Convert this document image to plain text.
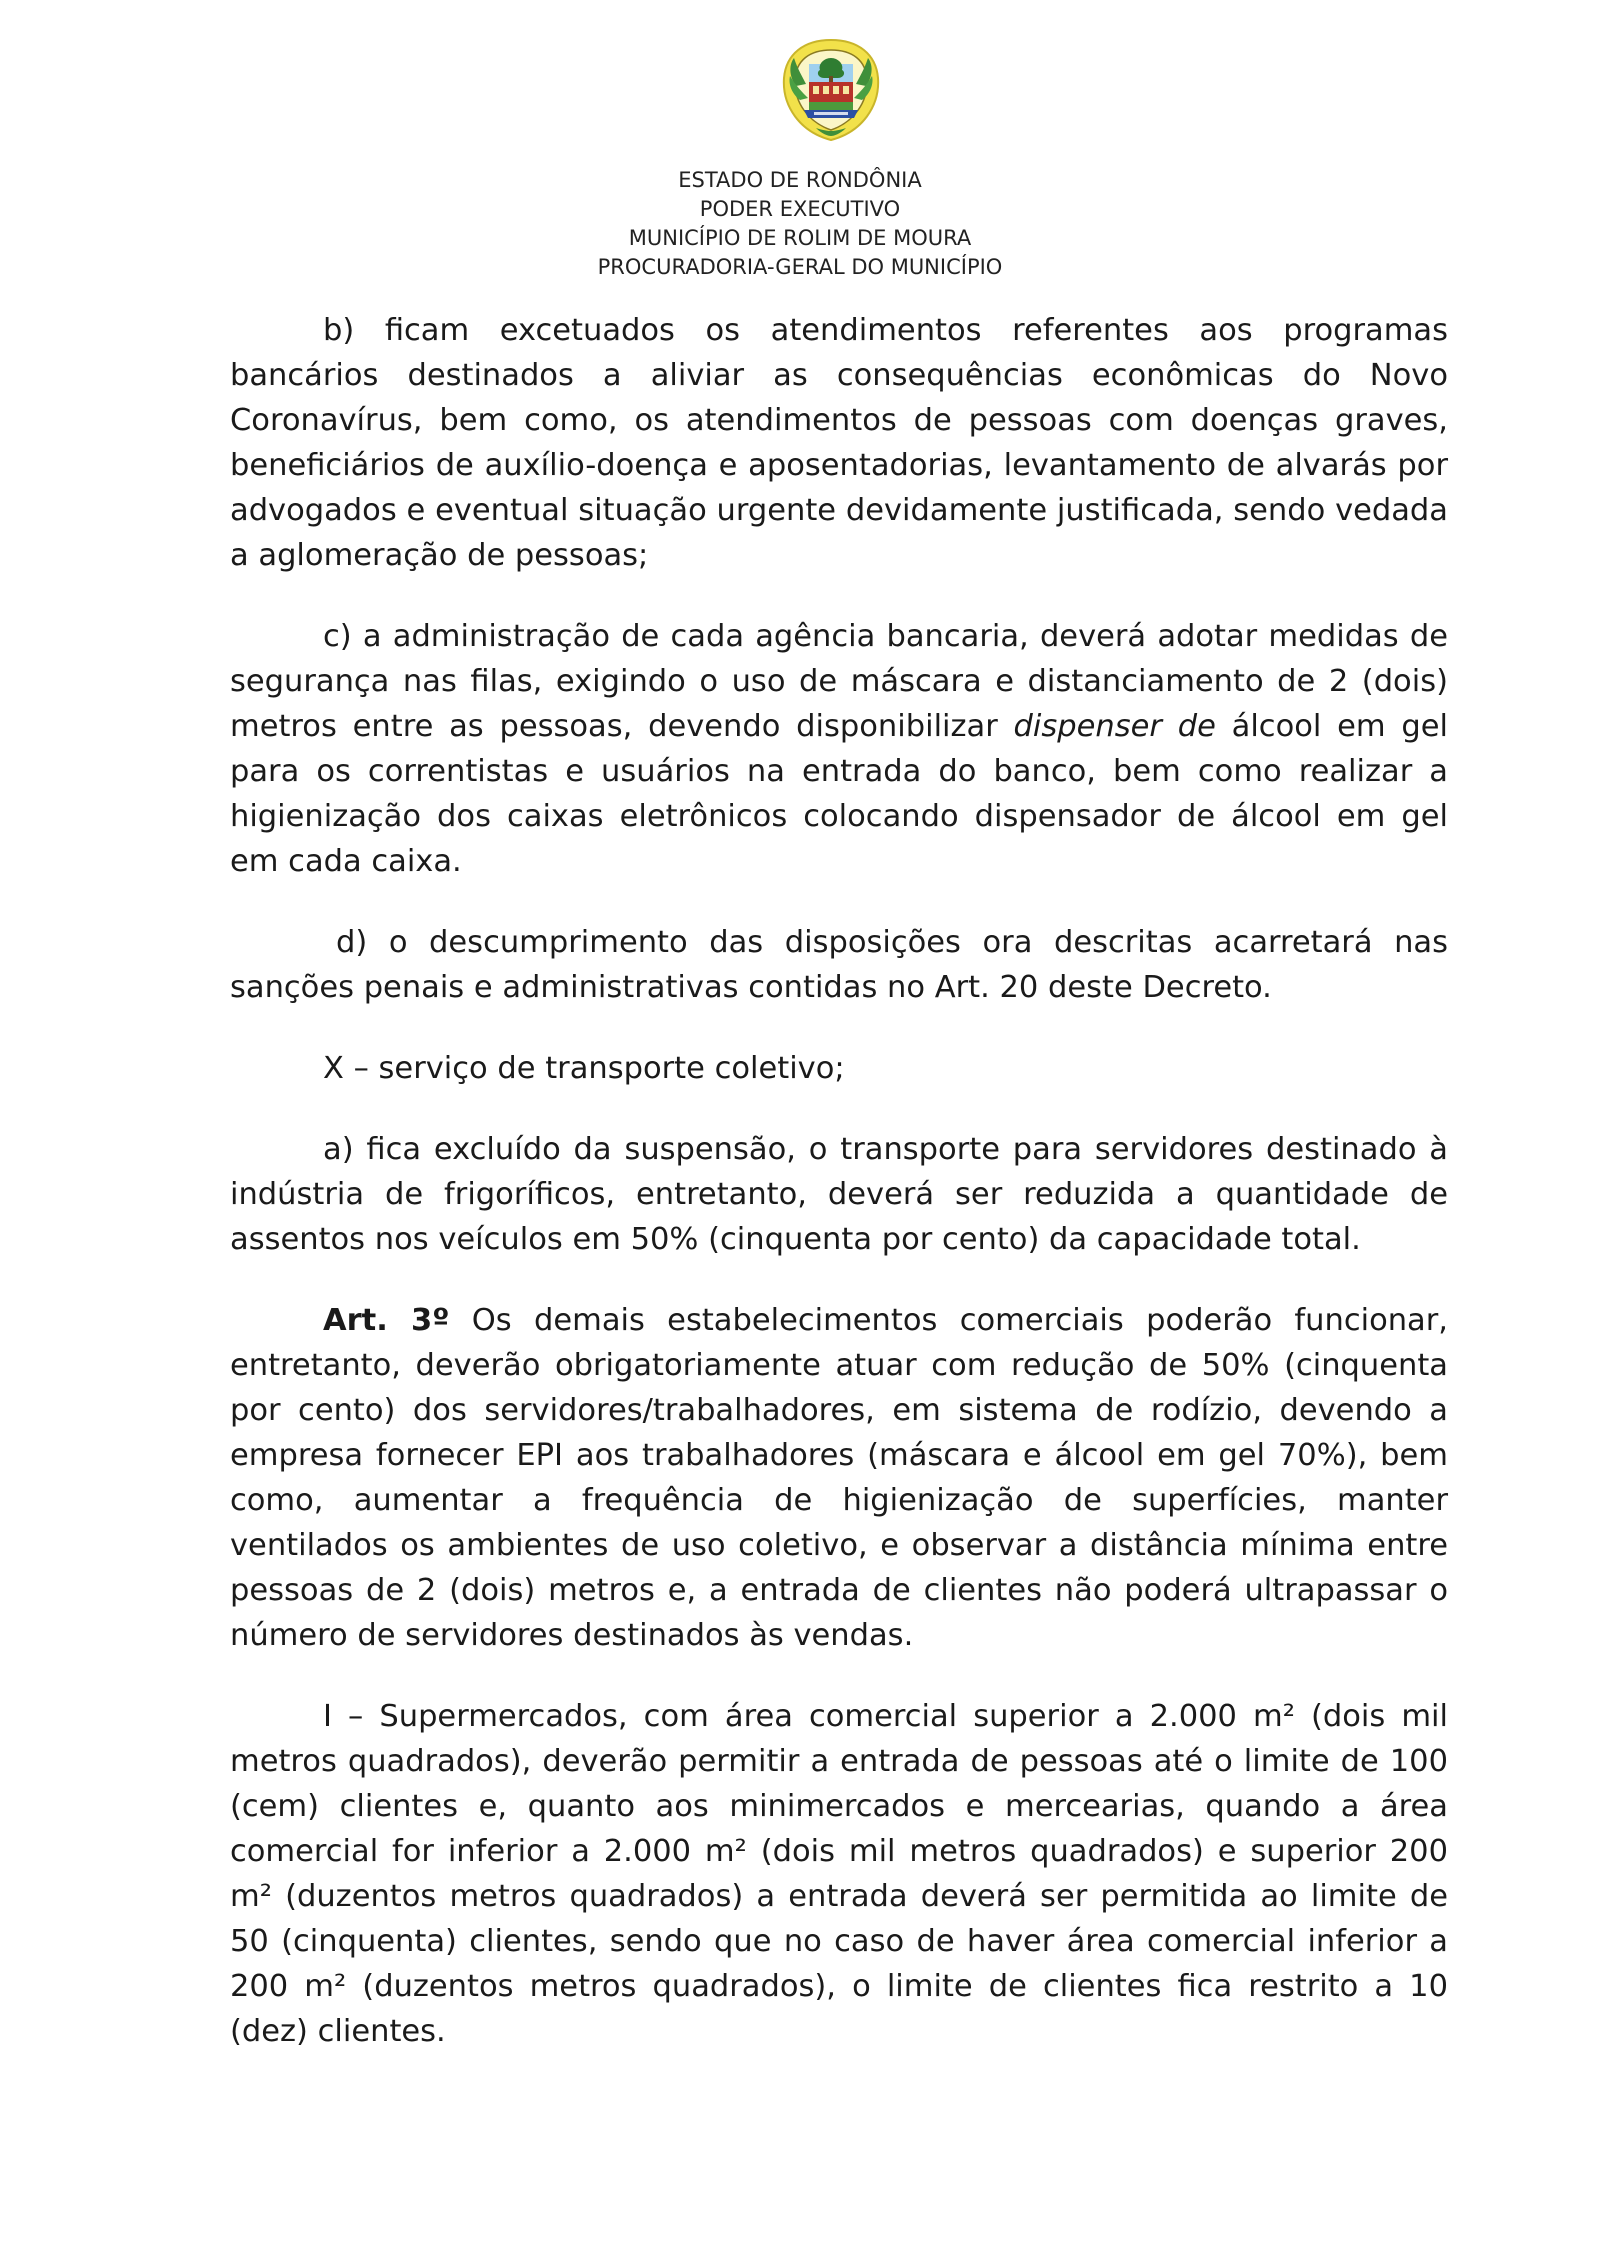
ESTADO DE RONDÔNIA
PODER EXECUTIVO
MUNICÍPIO DE ROLIM DE MOURA
PROCURADORIA-GERAL DO MUNICÍPIO

b) ficam excetuados os atendimentos referentes aos programas bancários destinados a aliviar as consequências econômicas do Novo Coronavírus, bem como, os atendimentos de pessoas com doenças graves, beneficiários de auxílio-doença e aposentadorias, levantamento de alvarás por advogados e eventual situação urgente devidamente justificada, sendo vedada a aglomeração de pessoas;

c) a administração de cada agência bancaria, deverá adotar medidas de segurança nas filas, exigindo o uso de máscara e distanciamento de 2 (dois) metros entre as pessoas, devendo disponibilizar dispenser de álcool em gel para os correntistas e usuários na entrada do banco, bem como realizar a higienização dos caixas eletrônicos colocando dispensador de álcool em gel em cada caixa.

d) o descumprimento das disposições ora descritas acarretará nas sanções penais e administrativas contidas no Art. 20 deste Decreto.

X – serviço de transporte coletivo;

a) fica excluído da suspensão, o transporte para servidores destinado à indústria de frigoríficos, entretanto, deverá ser reduzida a quantidade de assentos nos veículos em 50% (cinquenta por cento) da capacidade total.

Art. 3º Os demais estabelecimentos comerciais poderão funcionar, entretanto, deverão obrigatoriamente atuar com redução de 50% (cinquenta por cento) dos servidores/trabalhadores, em sistema de rodízio, devendo a empresa fornecer EPI aos trabalhadores (máscara e álcool em gel 70%), bem como, aumentar a frequência de higienização de superfícies, manter ventilados os ambientes de uso coletivo, e observar a distância mínima entre pessoas de 2 (dois) metros e, a entrada de clientes não poderá ultrapassar o número de servidores destinados às vendas.

I – Supermercados, com área comercial superior a 2.000 m² (dois mil metros quadrados), deverão permitir a entrada de pessoas até o limite de 100 (cem) clientes e, quanto aos minimercados e mercearias, quando a área comercial for inferior a 2.000 m² (dois mil metros quadrados) e superior 200 m² (duzentos metros quadrados) a entrada deverá ser permitida ao limite de 50 (cinquenta) clientes, sendo que no caso de haver área comercial inferior a 200 m² (duzentos metros quadrados), o limite de clientes fica restrito a 10 (dez) clientes.
